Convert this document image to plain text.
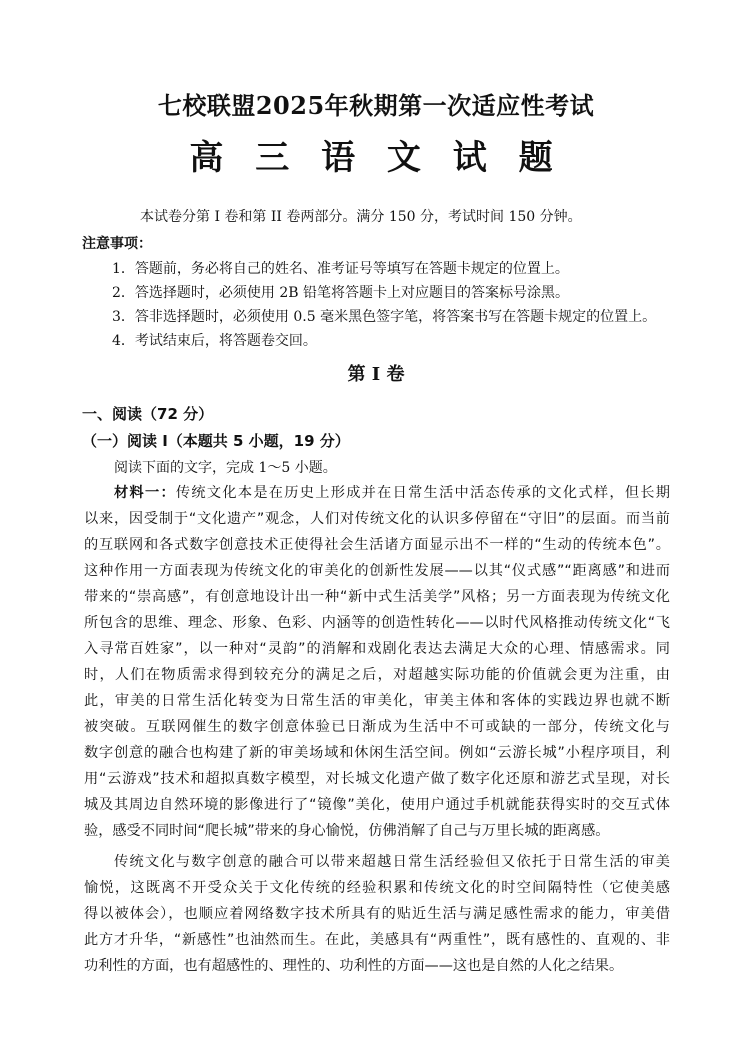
七校联盟2025年秋期第一次适应性考试
高 三 语 文 试 题
本试卷分第 I 卷和第 II 卷两部分。满分 150 分，考试时间 150 分钟。
注意事项：
1．答题前，务必将自己的姓名、准考证号等填写在答题卡规定的位置上。
2．答选择题时，必须使用 2B 铅笔将答题卡上对应题目的答案标号涂黑。
3．答非选择题时，必须使用 0.5 毫米黑色签字笔，将答案书写在答题卡规定的位置上。
4．考试结束后，将答题卷交回。
第 I 卷
一、阅读（72 分）
（一）阅读 I（本题共 5 小题，19 分）
阅读下面的文字，完成 1～5 小题。
材料一：传统文化本是在历史上形成并在日常生活中活态传承的文化式样，但长期
以来，因受制于“文化遗产”观念，人们对传统文化的认识多停留在“守旧”的层面。而当前
的互联网和各式数字创意技术正使得社会生活诸方面显示出不一样的“生动的传统本色”。
这种作用一方面表现为传统文化的审美化的创新性发展——以其“仪式感”“距离感”和进而
带来的“崇高感”，有创意地设计出一种“新中式生活美学”风格；另一方面表现为传统文化
所包含的思维、理念、形象、色彩、内涵等的创造性转化——以时代风格推动传统文化“飞
入寻常百姓家”，以一种对“灵韵”的消解和戏剧化表达去满足大众的心理、情感需求。同
时，人们在物质需求得到较充分的满足之后，对超越实际功能的价值就会更为注重，由
此，审美的日常生活化转变为日常生活的审美化，审美主体和客体的实践边界也就不断
被突破。互联网催生的数字创意体验已日渐成为生活中不可或缺的一部分，传统文化与
数字创意的融合也构建了新的审美场域和休闲生活空间。例如“云游长城”小程序项目，利
用“云游戏”技术和超拟真数字模型，对长城文化遗产做了数字化还原和游艺式呈现，对长
城及其周边自然环境的影像进行了“镜像”美化，使用户通过手机就能获得实时的交互式体
验，感受不同时间“爬长城”带来的身心愉悦，仿佛消解了自己与万里长城的距离感。
传统文化与数字创意的融合可以带来超越日常生活经验但又依托于日常生活的审美
愉悦，这既离不开受众关于文化传统的经验积累和传统文化的时空间隔特性（它使美感
得以被体会），也顺应着网络数字技术所具有的贴近生活与满足感性需求的能力，审美借
此方才升华，“新感性”也油然而生。在此，美感具有“两重性”，既有感性的、直观的、非
功利性的方面，也有超感性的、理性的、功利性的方面——这也是自然的人化之结果。
